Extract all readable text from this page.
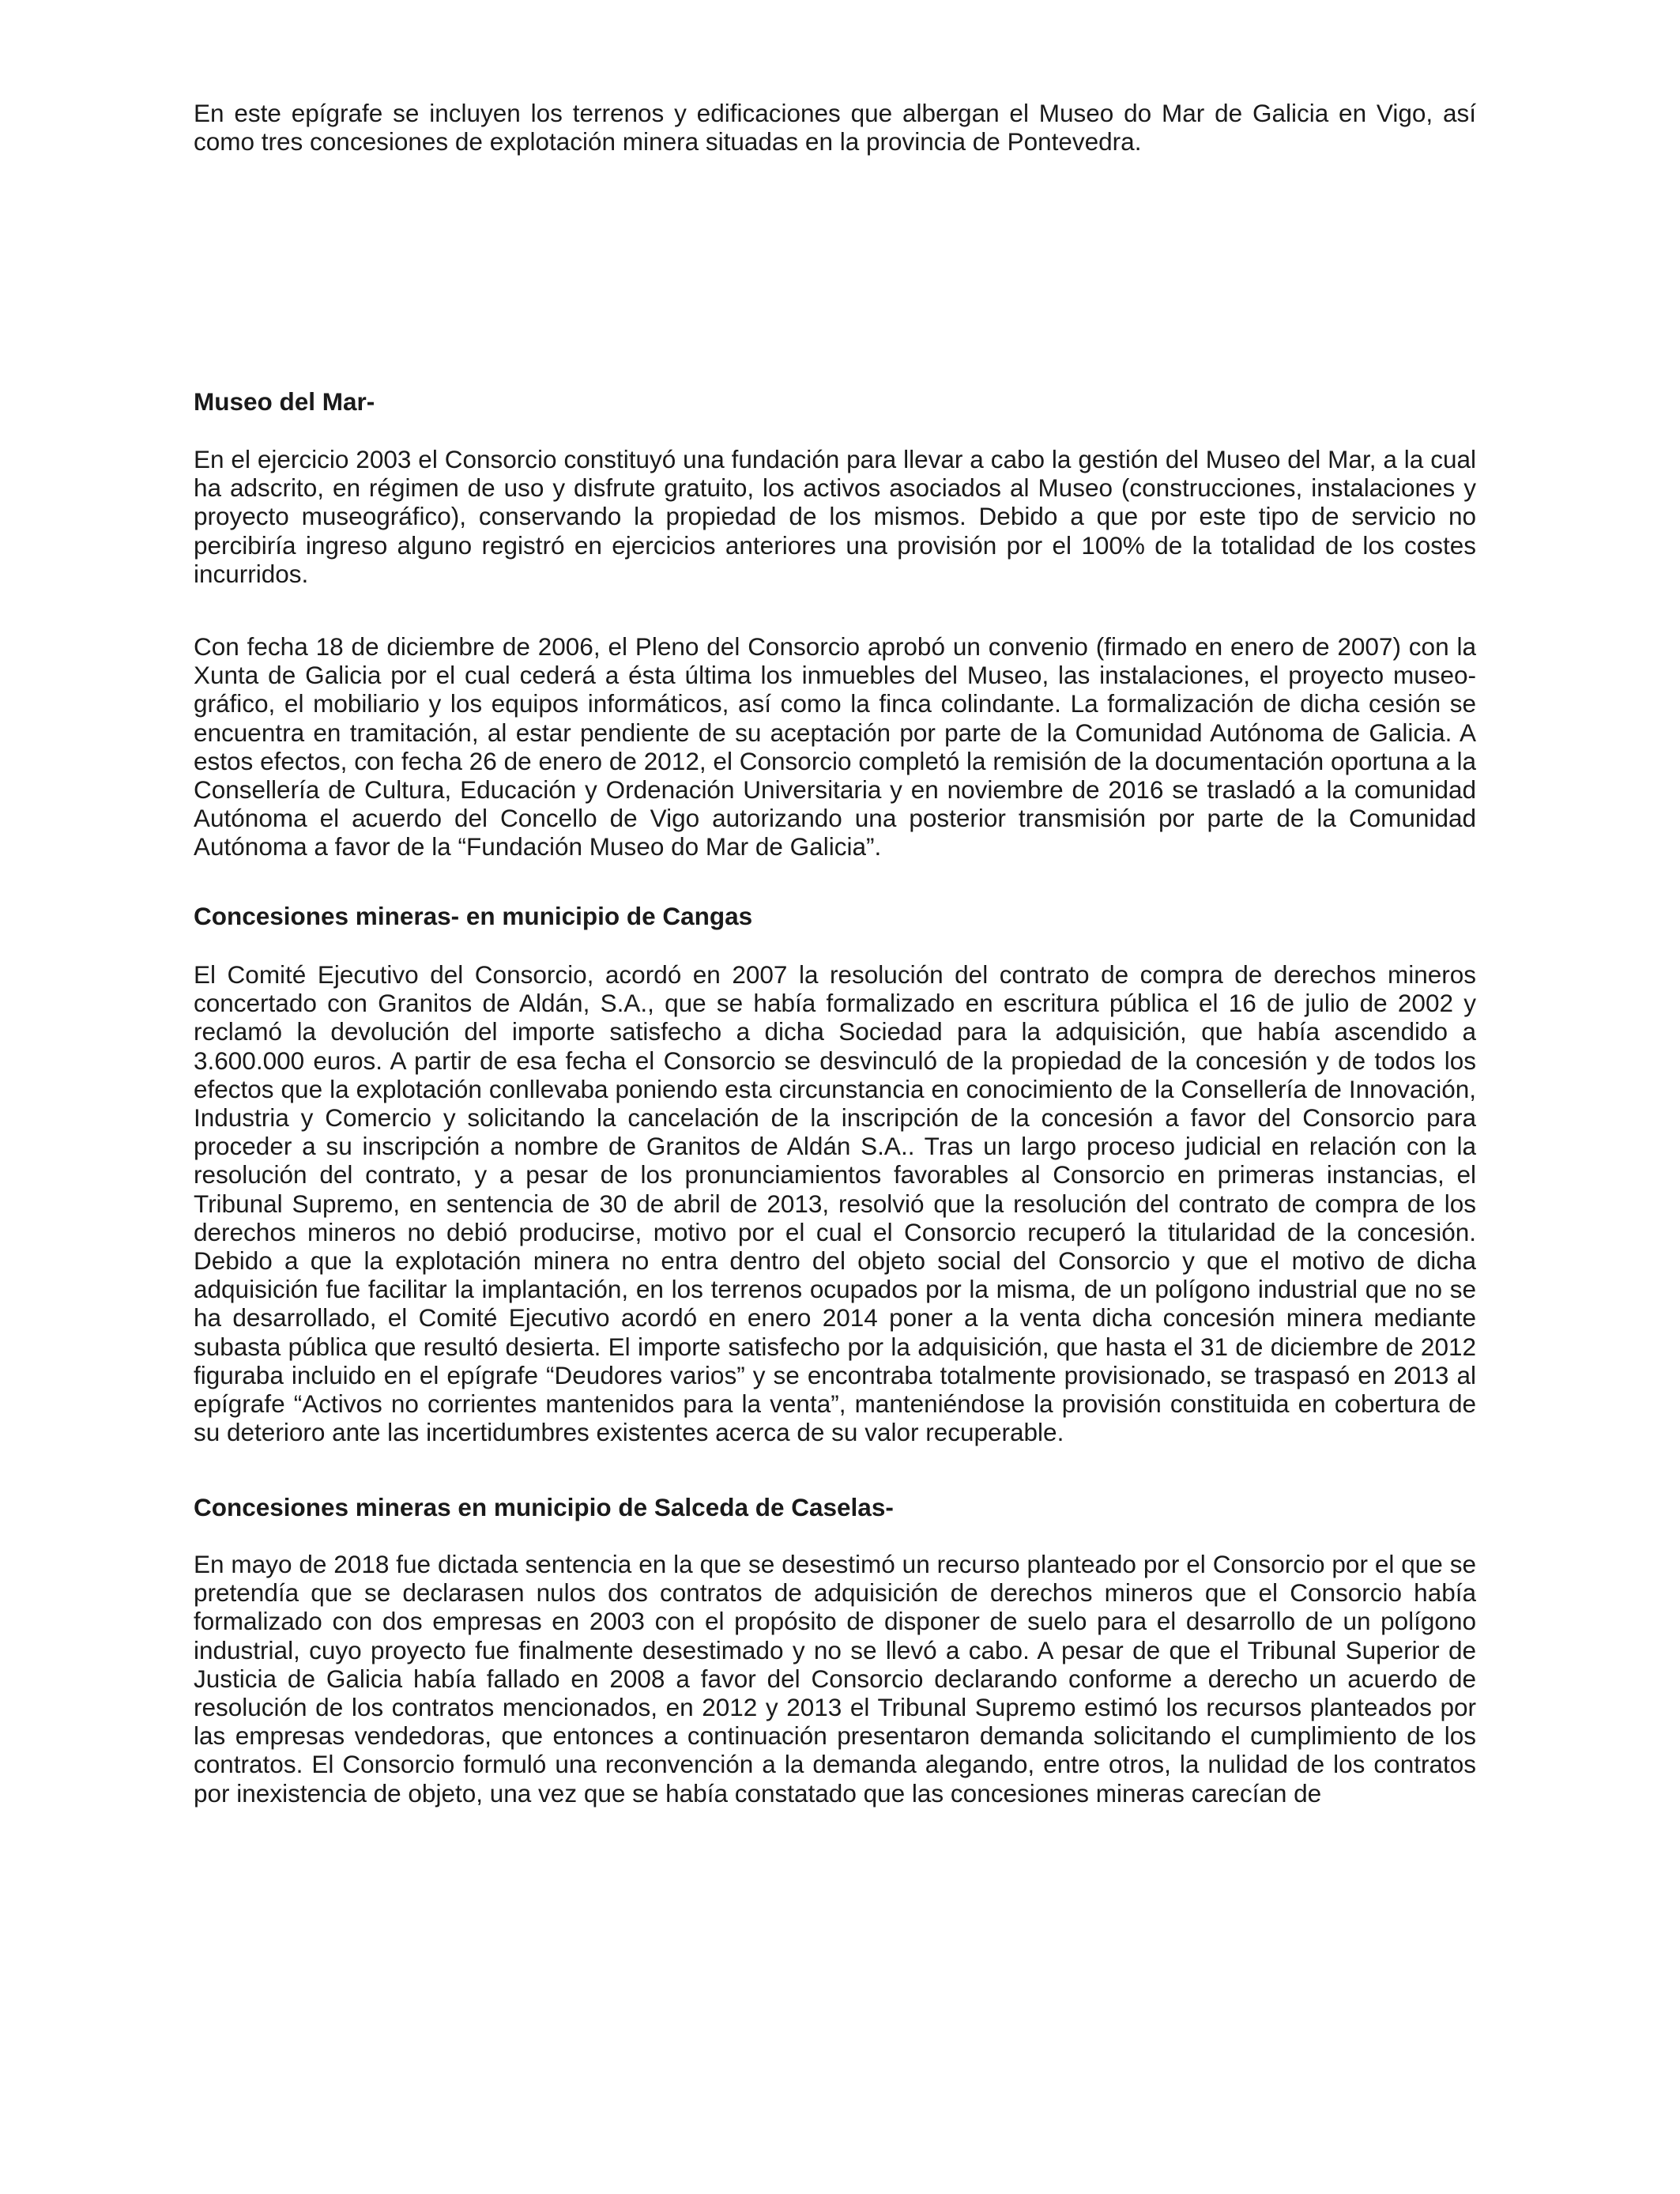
En este epígrafe se incluyen los terrenos y edificaciones que albergan el Museo do Mar de Galicia en Vigo, así como tres concesiones de explotación minera situadas en la provincia de Pontevedra.

Museo del Mar-

En el ejercicio 2003 el Consorcio constituyó una fundación para llevar a cabo la gestión del Museo del Mar, a la cual ha adscrito, en régimen de uso y disfrute gratuito, los activos asociados al Museo (construcciones, instalaciones y proyecto museográfico), conservando la propiedad de los mismos. Debido a que por este tipo de servicio no percibiría ingreso alguno registró en ejercicios anteriores una provisión por el 100% de la totalidad de los costes incurridos.

Con fecha 18 de diciembre de 2006, el Pleno del Consorcio aprobó un convenio (firmado en enero de 2007) con la Xunta de Galicia por el cual cederá a ésta última los inmuebles del Museo, las instalaciones, el proyecto museo-gráfico, el mobiliario y los equipos informáticos, así como la finca colindante. La formalización de dicha cesión se encuentra en tramitación, al estar pendiente de su aceptación por parte de la Comunidad Autónoma de Galicia. A estos efectos, con fecha 26 de enero de 2012, el Consorcio completó la remisión de la documentación oportuna a la Consellería de Cultura, Educación y Ordenación Universitaria y en noviembre de 2016 se trasladó a la comunidad Autónoma el acuerdo del Concello de Vigo autorizando una posterior transmisión por parte de la Comunidad Autónoma a favor de la “Fundación Museo do Mar de Galicia”.

Concesiones mineras- en municipio de Cangas

El Comité Ejecutivo del Consorcio, acordó en 2007 la resolución del contrato de compra de derechos mineros concertado con Granitos de Aldán, S.A., que se había formalizado en escritura pública el 16 de julio de 2002 y reclamó la devolución del importe satisfecho a dicha Sociedad para la adquisición, que había ascendido a 3.600.000 euros. A partir de esa fecha el Consorcio se desvinculó de la propiedad de la concesión y de todos los efectos que la explotación conllevaba poniendo esta circunstancia en conocimiento de la Consellería de Innovación, Industria y Comercio y solicitando la cancelación de la inscripción de la concesión a favor del Consorcio para proceder a su inscripción a nombre de Granitos de Aldán S.A.. Tras un largo proceso judicial en relación con la resolución del contrato, y a pesar de los pronunciamientos favorables al Consorcio en primeras instancias, el Tribunal Supremo, en sentencia de 30 de abril de 2013, resolvió que la resolución del contrato de compra de los derechos mineros no debió producirse, motivo por el cual el Consorcio recuperó la titularidad de la concesión. Debido a que la explotación minera no entra dentro del objeto social del Consorcio y que el motivo de dicha adquisición fue facilitar la implantación, en los terrenos ocupados por la misma, de un polígono industrial que no se ha desarrollado, el Comité Ejecutivo acordó en enero 2014 poner a la venta dicha concesión minera mediante subasta pública que resultó desierta. El importe satisfecho por la adquisición, que hasta el 31 de diciembre de 2012 figuraba incluido en el epígrafe “Deudores varios” y se encontraba totalmente provisionado, se traspasó en 2013 al epígrafe “Activos no corrientes mantenidos para la venta”, manteniéndose la provisión constituida en cobertura de su deterioro ante las incertidumbres existentes acerca de su valor recuperable.

Concesiones mineras en municipio de Salceda de Caselas-

En mayo de 2018 fue dictada sentencia en la que se desestimó un recurso planteado por el Consorcio por el que se pretendía que se declarasen nulos dos contratos de adquisición de derechos mineros que el Consorcio había formalizado con dos empresas en 2003 con el propósito de disponer de suelo para el desarrollo de un polígono industrial, cuyo proyecto fue finalmente desestimado y no se llevó a cabo. A pesar de que el Tribunal Superior de Justicia de Galicia había fallado en 2008 a favor del Consorcio declarando conforme a derecho un acuerdo de resolución de los contratos mencionados, en 2012 y 2013 el Tribunal Supremo estimó los recursos planteados por las empresas vendedoras, que entonces a continuación presentaron demanda solicitando el cumplimiento de los contratos. El Consorcio formuló una reconvención a la demanda alegando, entre otros, la nulidad de los contratos por inexistencia de objeto, una vez que se había constatado que las concesiones mineras carecían de
